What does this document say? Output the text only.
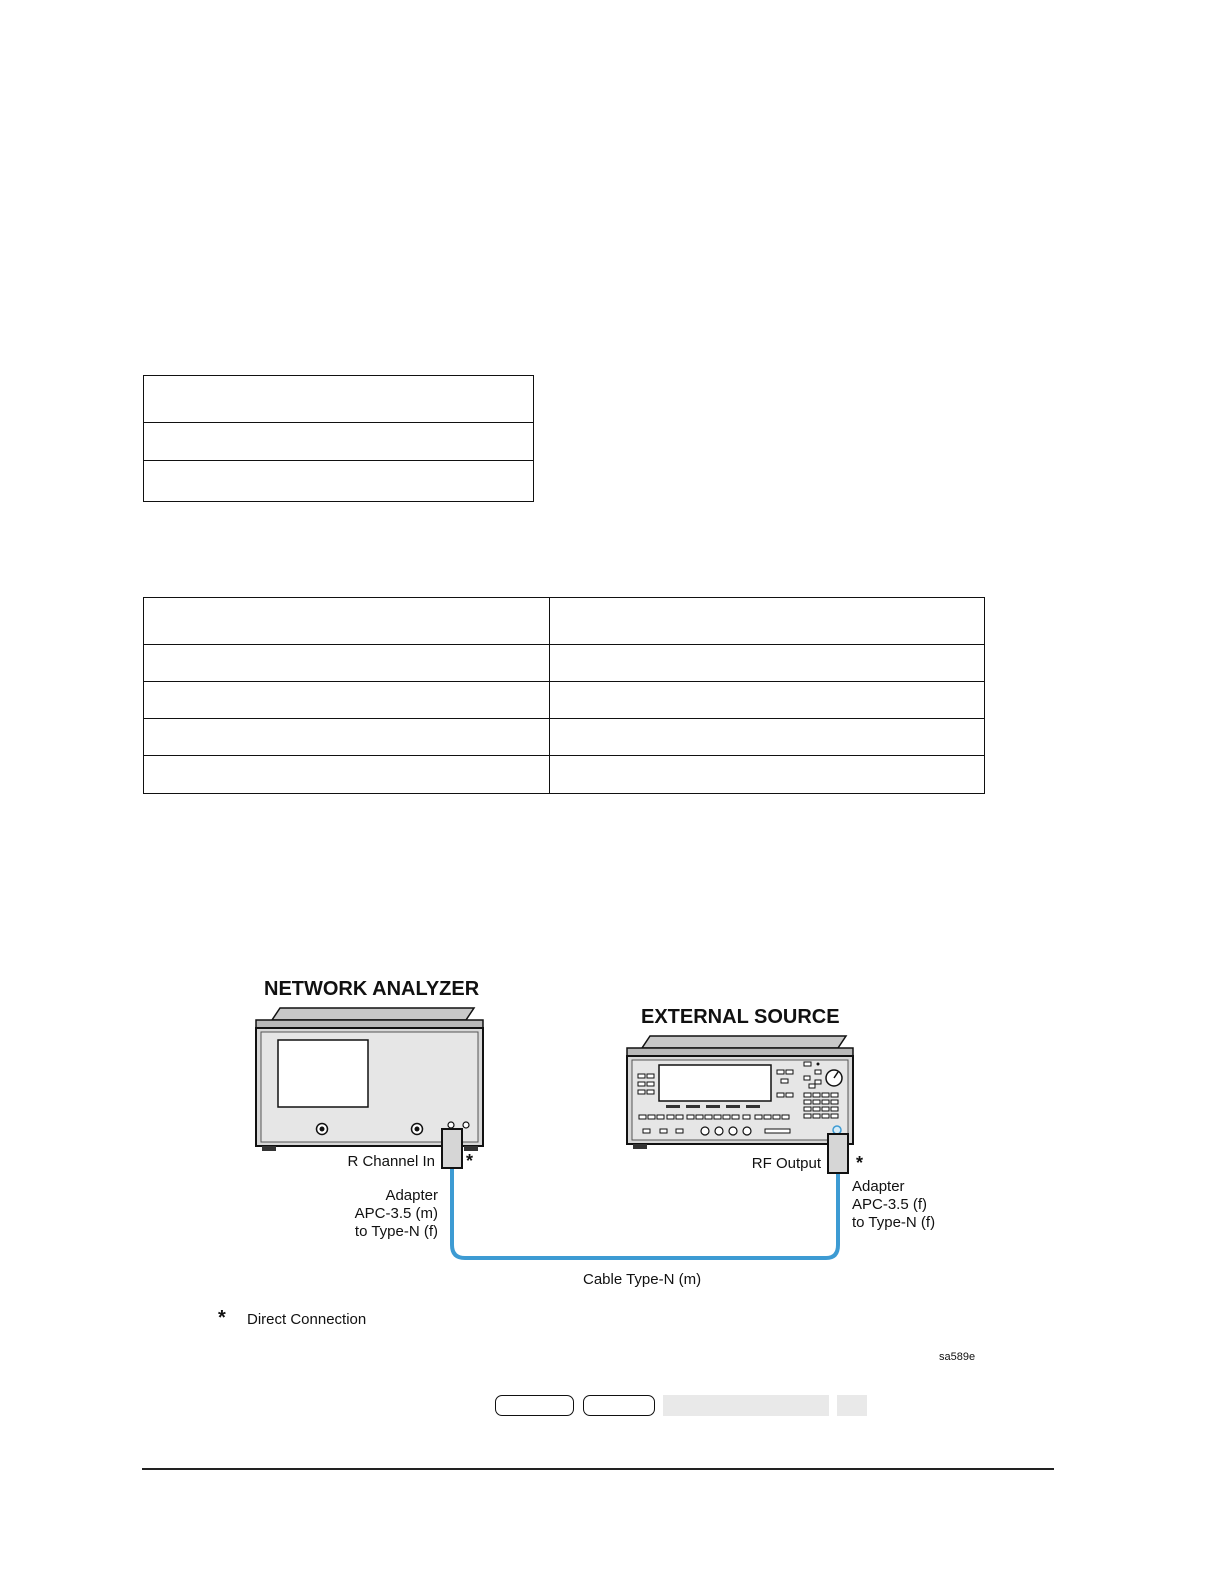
NETWORK ANALYZER
EXTERNAL SOURCE
R Channel In *	RF Output *
Adapter
APC-3.5 (m)
to Type-N (f)
Adapter
APC-3.5 (f)
to Type-N (f)
Cable Type-N (m)
* Direct Connection
sa589e
